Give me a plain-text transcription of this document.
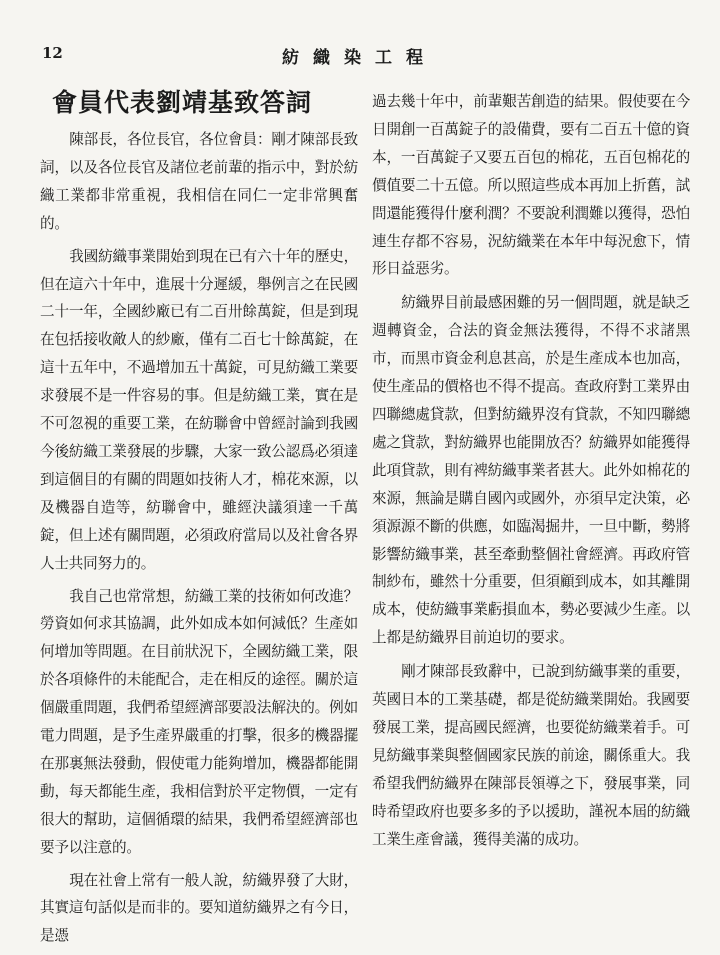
12	紡織染工程
會員代表劉靖基致答詞

陳部長，各位長官，各位會員：剛才陳部長致詞，以及各位長官及諸位老前輩的指示中，對於紡織工業都非常重視，我相信在同仁一定非常興奮的。

我國紡織事業開始到現在已有六十年的歷史，但在這六十年中，進展十分遲緩，舉例言之在民國二十一年，全國紗廠已有二百卅餘萬錠，但是到現在包括接收敵人的紗廠，僅有二百七十餘萬錠，在這十五年中，不過增加五十萬錠，可見紡織工業要求發展不是一件容易的事。但是紡織工業，實在是不可忽視的重要工業，在紡聯會中曾經討論到我國今後紡織工業發展的步驟，大家一致公認爲必須達到這個目的有關的問題如技術人才，棉花來源，以及機器自造等，紡聯會中，雖經決議須達一千萬錠，但上述有關問題，必須政府當局以及社會各界人士共同努力的。

我自己也常常想，紡織工業的技術如何改進？勞資如何求其協調，此外如成本如何減低？生產如何增加等問題。在目前狀況下，全國紡織工業，限於各項條件的未能配合，走在相反的途徑。關於這個嚴重問題，我們希望經濟部要設法解決的。例如電力問題，是予生產界嚴重的打擊，很多的機器擺在那裏無法發動，假使電力能夠增加，機器都能開動，每天都能生產，我相信對於平定物價，一定有很大的幫助，這個循環的結果，我們希望經濟部也要予以注意的。

現在社會上常有一般人說，紡織界發了大財，其實這句話似是而非的。要知道紡織界之有今日，是憑

過去幾十年中，前輩艱苦創造的結果。假使要在今日開創一百萬錠子的設備費，要有二百五十億的資本，一百萬錠子又要五百包的棉花，五百包棉花的價值要二十五億。所以照這些成本再加上折舊，試問還能獲得什麼利潤？不要說利潤難以獲得，恐怕連生存都不容易，況紡織業在本年中每況愈下，情形日益惡劣。

紡織界目前最感困難的另一個問題，就是缺乏週轉資金，合法的資金無法獲得，不得不求諸黑市，而黑市資金利息甚高，於是生產成本也加高，使生產品的價格也不得不提高。查政府對工業界由四聯總處貸款，但對紡織界沒有貸款，不知四聯總處之貸款，對紡織界也能開放否？紡織界如能獲得此項貸款，則有裨紡織事業者甚大。此外如棉花的來源，無論是購自國內或國外，亦須早定決策，必須源源不斷的供應，如臨渴掘井，一旦中斷，勢將影響紡織事業，甚至牽動整個社會經濟。再政府管制紗布，雖然十分重要，但須顧到成本，如其離開成本，使紡織事業虧損血本，勢必要減少生產。以上都是紡織界目前迫切的要求。

剛才陳部長致辭中，已說到紡織事業的重要，英國日本的工業基礎，都是從紡織業開始。我國要發展工業，提高國民經濟，也要從紡織業着手。可見紡織事業與整個國家民族的前途，關係重大。我希望我們紡織界在陳部長領導之下，發展事業，同時希望政府也要多多的予以援助，謹祝本屆的紡織工業生產會議，獲得美滿的成功。
